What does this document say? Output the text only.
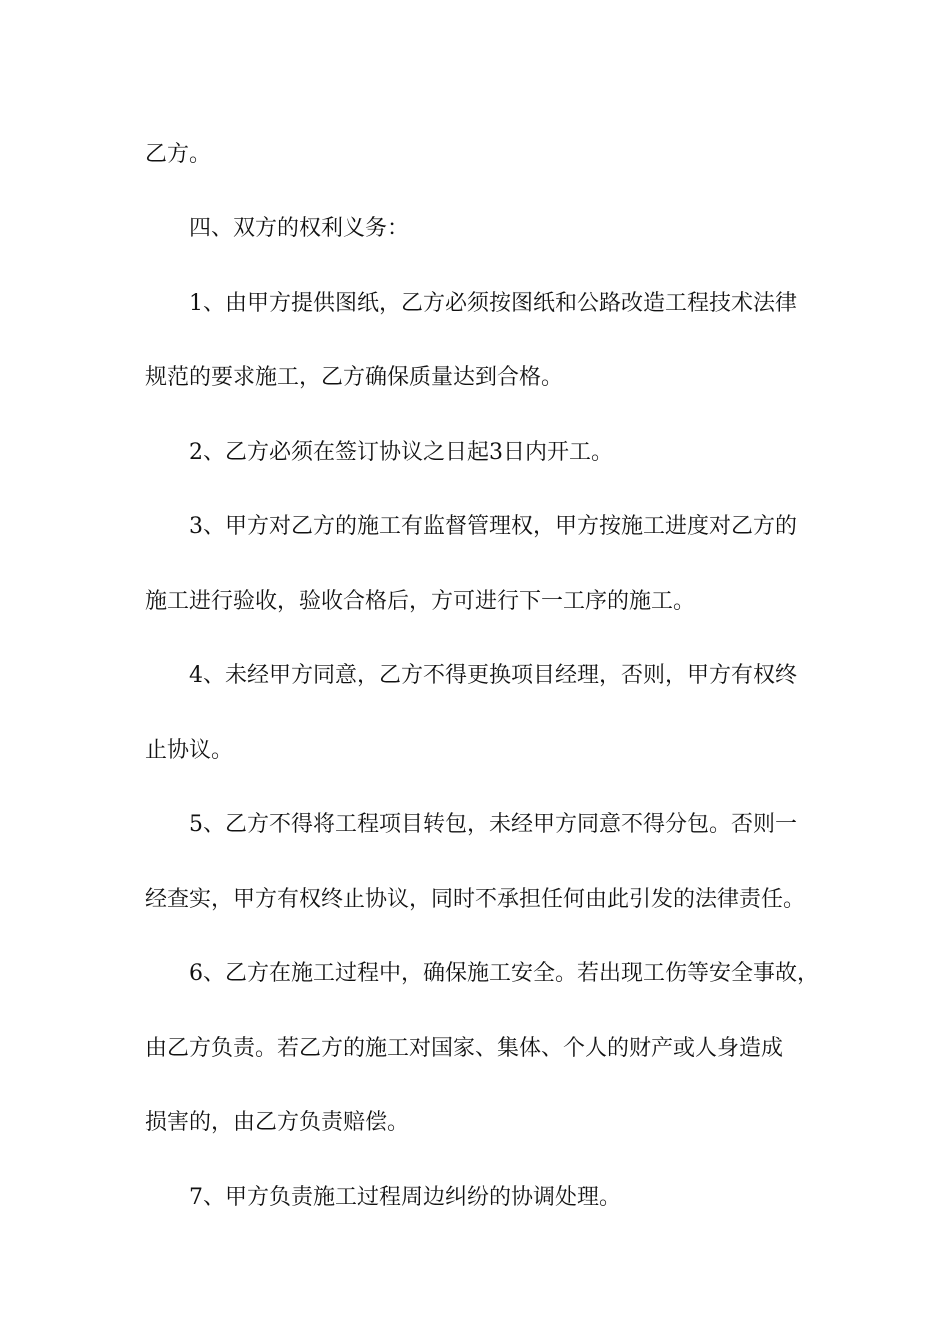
乙方。

四、双方的权利义务：

1、由甲方提供图纸，乙方必须按图纸和公路改造工程技术法律

规范的要求施工，乙方确保质量达到合格。

2、乙方必须在签订协议之日起3日内开工。

3、甲方对乙方的施工有监督管理权，甲方按施工进度对乙方的

施工进行验收，验收合格后，方可进行下一工序的施工。

4、未经甲方同意，乙方不得更换项目经理，否则，甲方有权终

止协议。

5、乙方不得将工程项目转包，未经甲方同意不得分包。否则一

经查实，甲方有权终止协议，同时不承担任何由此引发的法律责任。

6、乙方在施工过程中，确保施工安全。若出现工伤等安全事故，

由乙方负责。若乙方的施工对国家、集体、个人的财产或人身造成

损害的，由乙方负责赔偿。

7、甲方负责施工过程周边纠纷的协调处理。
